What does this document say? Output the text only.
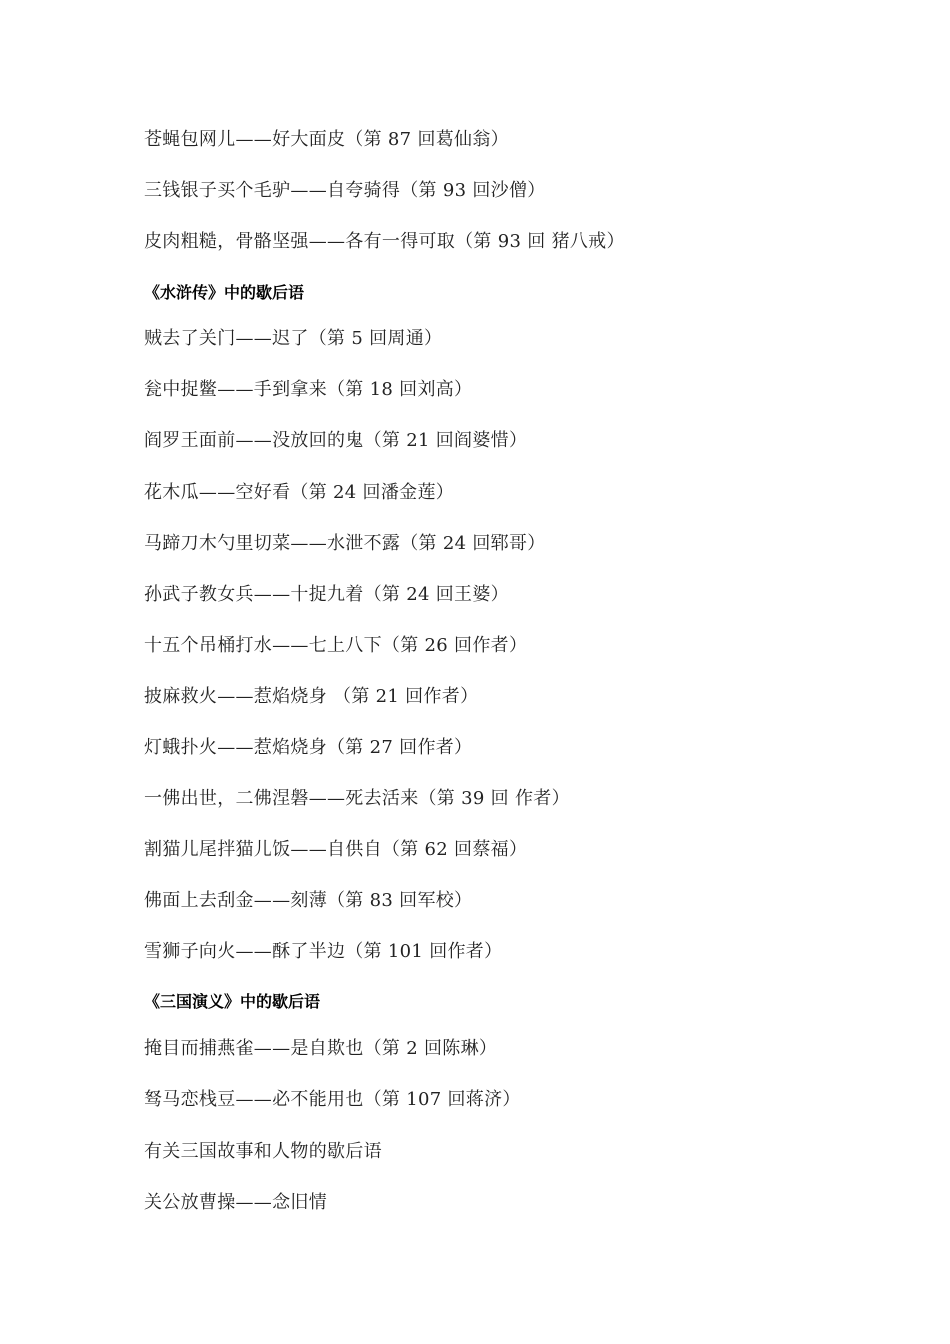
苍蝇包网儿——好大面皮（第 87 回葛仙翁）
三钱银子买个毛驴——自夸骑得（第 93 回沙僧）
皮肉粗糙，骨骼坚强——各有一得可取（第 93 回 猪八戒）
《水浒传》中的歇后语
贼去了关门——迟了（第 5 回周通）
瓮中捉鳖——手到拿来（第 18 回刘高）
阎罗王面前——没放回的鬼（第 21 回阎婆惜）
花木瓜——空好看（第 24 回潘金莲）
马蹄刀木勺里切菜——水泄不露（第 24 回郓哥）
孙武子教女兵——十捉九着（第 24 回王婆）
十五个吊桶打水——七上八下（第 26 回作者）
披麻救火——惹焰烧身 （第 21 回作者）
灯蛾扑火——惹焰烧身（第 27 回作者）
一佛出世，二佛涅磐——死去活来（第 39 回 作者）
割猫儿尾拌猫儿饭——自供自（第 62 回蔡福）
佛面上去刮金——刻薄（第 83 回军校）
雪狮子向火——酥了半边（第 101 回作者）
《三国演义》中的歇后语
掩目而捕燕雀——是自欺也（第 2 回陈琳）
驽马恋栈豆——必不能用也（第 107 回蒋济）
有关三国故事和人物的歇后语
关公放曹操——念旧情
